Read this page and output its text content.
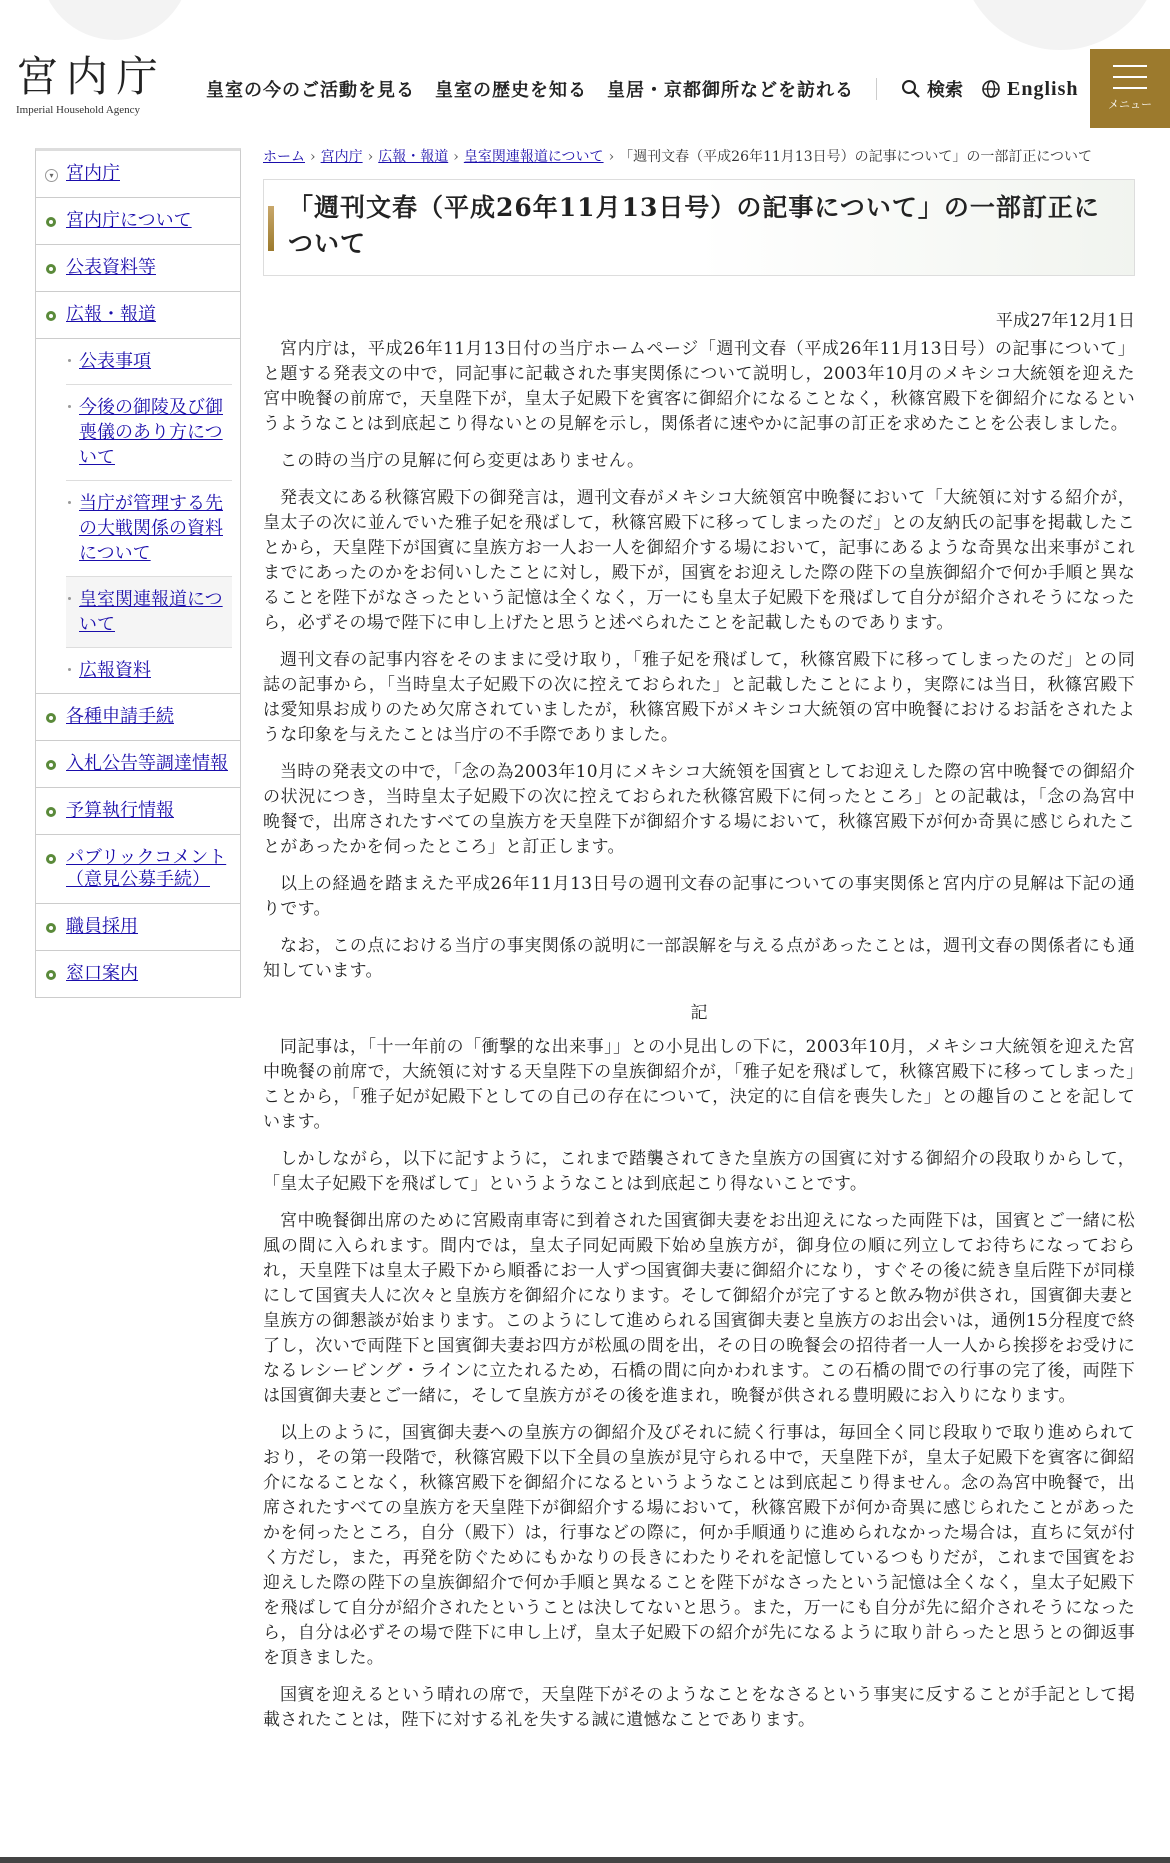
宮内庁
Imperial Household Agency
皇室の今のご活動を見る 皇室の歴史を知る 皇居・京都御所などを訪れる	検索 English
メニュー
▾ 宮内庁
宮内庁について
公表資料等
広報・報道
公表事項
今後の御陵及び御喪儀のあり方について
当庁が管理する先の大戦関係の資料について
皇室関連報道について
広報資料
各種申請手続
入札公告等調達情報
予算執行情報
パブリックコメント（意見公募手続）
職員採用
窓口案内
ホーム › 宮内庁 › 広報・報道 › 皇室関連報道について › 「週刊文春（平成26年11月13日号）の記事について」の一部訂正について
「週刊文春（平成26年11月13日号）の記事について」の一部訂正について
平成27年12月1日

宮内庁は，平成26年11月13日付の当庁ホームページ「週刊文春（平成26年11月13日号）の記事について」と題する発表文の中で，同記事に記載された事実関係について説明し，2003年10月のメキシコ大統領を迎えた宮中晩餐の前席で，天皇陛下が，皇太子妃殿下を賓客に御紹介になることなく，秋篠宮殿下を御紹介になるというようなことは到底起こり得ないとの見解を示し，関係者に速やかに記事の訂正を求めたことを公表しました。

この時の当庁の見解に何ら変更はありません。

発表文にある秋篠宮殿下の御発言は，週刊文春がメキシコ大統領宮中晩餐において「大統領に対する紹介が，皇太子の次に並んでいた雅子妃を飛ばして，秋篠宮殿下に移ってしまったのだ」との友納氏の記事を掲載したことから，天皇陛下が国賓に皇族方お一人お一人を御紹介する場において，記事にあるような奇異な出来事がこれまでにあったのかをお伺いしたことに対し，殿下が，国賓をお迎えした際の陛下の皇族御紹介で何か手順と異なることを陛下がなさったという記憶は全くなく，万一にも皇太子妃殿下を飛ばして自分が紹介されそうになったら，必ずその場で陛下に申し上げたと思うと述べられたことを記載したものであります。

週刊文春の記事内容をそのままに受け取り，「雅子妃を飛ばして，秋篠宮殿下に移ってしまったのだ」との同誌の記事から，「当時皇太子妃殿下の次に控えておられた」と記載したことにより，実際には当日，秋篠宮殿下は愛知県お成りのため欠席されていましたが，秋篠宮殿下がメキシコ大統領の宮中晩餐におけるお話をされたような印象を与えたことは当庁の不手際でありました。

当時の発表文の中で，「念の為2003年10月にメキシコ大統領を国賓としてお迎えした際の宮中晩餐での御紹介の状況につき，当時皇太子妃殿下の次に控えておられた秋篠宮殿下に伺ったところ」との記載は，「念の為宮中晩餐で，出席されたすべての皇族方を天皇陛下が御紹介する場において，秋篠宮殿下が何か奇異に感じられたことがあったかを伺ったところ」と訂正します。

以上の経過を踏まえた平成26年11月13日号の週刊文春の記事についての事実関係と宮内庁の見解は下記の通りです。

なお，この点における当庁の事実関係の説明に一部誤解を与える点があったことは，週刊文春の関係者にも通知しています。

記

同記事は，「十一年前の「衝撃的な出来事」」との小見出しの下に，2003年10月，メキシコ大統領を迎えた宮中晩餐の前席で，大統領に対する天皇陛下の皇族御紹介が，「雅子妃を飛ばして，秋篠宮殿下に移ってしまった」ことから，「雅子妃が妃殿下としての自己の存在について，決定的に自信を喪失した」との趣旨のことを記しています。

しかしながら，以下に記すように，これまで踏襲されてきた皇族方の国賓に対する御紹介の段取りからして，「皇太子妃殿下を飛ばして」というようなことは到底起こり得ないことです。

宮中晩餐御出席のために宮殿南車寄に到着された国賓御夫妻をお出迎えになった両陛下は，国賓とご一緒に松風の間に入られます。間内では，皇太子同妃両殿下始め皇族方が，御身位の順に列立してお待ちになっておられ，天皇陛下は皇太子殿下から順番にお一人ずつ国賓御夫妻に御紹介になり，すぐその後に続き皇后陛下が同様にして国賓夫人に次々と皇族方を御紹介になります。そして御紹介が完了すると飲み物が供され，国賓御夫妻と皇族方の御懇談が始まります。このようにして進められる国賓御夫妻と皇族方のお出会いは，通例15分程度で終了し，次いで両陛下と国賓御夫妻お四方が松風の間を出，その日の晩餐会の招待者一人一人から挨拶をお受けになるレシービング・ラインに立たれるため，石橋の間に向かわれます。この石橋の間での行事の完了後，両陛下は国賓御夫妻とご一緒に，そして皇族方がその後を進まれ，晩餐が供される豊明殿にお入りになります。

以上のように，国賓御夫妻への皇族方の御紹介及びそれに続く行事は，毎回全く同じ段取りで取り進められており，その第一段階で，秋篠宮殿下以下全員の皇族が見守られる中で，天皇陛下が，皇太子妃殿下を賓客に御紹介になることなく，秋篠宮殿下を御紹介になるというようなことは到底起こり得ません。念の為宮中晩餐で，出席されたすべての皇族方を天皇陛下が御紹介する場において，秋篠宮殿下が何か奇異に感じられたことがあったかを伺ったところ，自分（殿下）は，行事などの際に，何か手順通りに進められなかった場合は，直ちに気が付く方だし，また，再発を防ぐためにもかなりの長きにわたりそれを記憶しているつもりだが，これまで国賓をお迎えした際の陛下の皇族御紹介で何か手順と異なることを陛下がなさったという記憶は全くなく，皇太子妃殿下を飛ばして自分が紹介されたということは決してないと思う。また，万一にも自分が先に紹介されそうになったら，自分は必ずその場で陛下に申し上げ，皇太子妃殿下の紹介が先になるように取り計らったと思うとの御返事を頂きました。

国賓を迎えるという晴れの席で，天皇陛下がそのようなことをなさるという事実に反することが手記として掲載されたことは，陛下に対する礼を失する誠に遺憾なことであります。
